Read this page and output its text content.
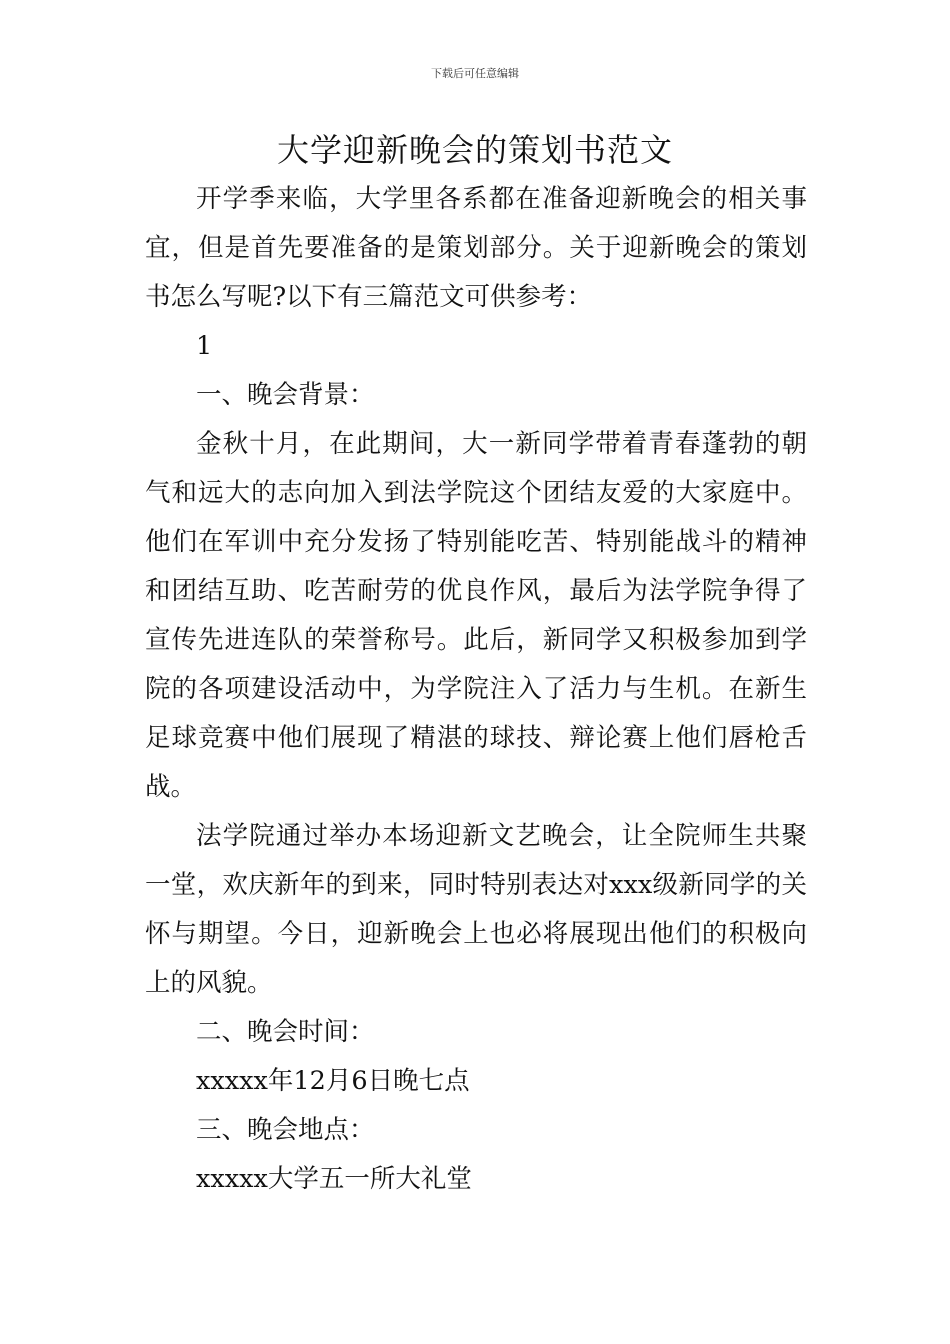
下载后可任意编辑
大学迎新晚会的策划书范文

开学季来临，大学里各系都在准备迎新晚会的相关事宜，但是首先要准备的是策划部分。关于迎新晚会的策划书怎么写呢?以下有三篇范文可供参考：

1

一、晚会背景：

金秋十月，在此期间，大一新同学带着青春蓬勃的朝气和远大的志向加入到法学院这个团结友爱的大家庭中。他们在军训中充分发扬了特别能吃苦、特别能战斗的精神和团结互助、吃苦耐劳的优良作风，最后为法学院争得了宣传先进连队的荣誉称号。此后，新同学又积极参加到学院的各项建设活动中，为学院注入了活力与生机。在新生足球竞赛中他们展现了精湛的球技、辩论赛上他们唇枪舌战。

法学院通过举办本场迎新文艺晚会，让全院师生共聚一堂，欢庆新年的到来，同时特别表达对xxx级新同学的关怀与期望。今日，迎新晚会上也必将展现出他们的积极向上的风貌。

二、晚会时间：

xxxxx年12月6日晚七点

三、晚会地点：

xxxxx大学五一所大礼堂
